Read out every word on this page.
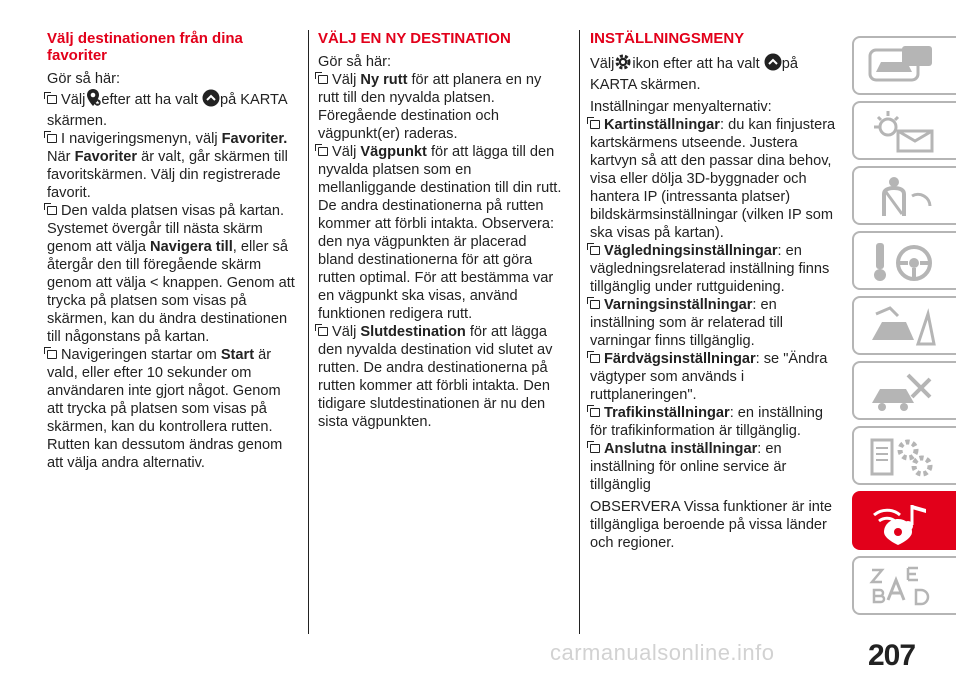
Välj destinationen från dina favoriter

Gör så här:

Välj efter att ha valt på KARTA skärmen.

I navigeringsmenyn, välj Favoriter. När Favoriter är valt, går skärmen till favoritskärmen. Välj din registrerade favorit.

Den valda platsen visas på kartan. Systemet övergår till nästa skärm genom att välja Navigera till, eller så återgår den till föregående skärm genom att välja < knappen. Genom att trycka på platsen som visas på skärmen, kan du ändra destinationen till någonstans på kartan.

Navigeringen startar om Start är vald, eller efter 10 sekunder om användaren inte gjort något. Genom att trycka på platsen som visas på skärmen, kan du kontrollera rutten. Rutten kan dessutom ändras genom att välja andra alternativ.

VÄLJ EN NY DESTINATION

Gör så här:

Välj Ny rutt för att planera en ny rutt till den nyvalda platsen. Föregående destination och vägpunkt(er) raderas.

Välj Vägpunkt för att lägga till den nyvalda platsen som en mellanliggande destination till din rutt. De andra destinationerna på rutten kommer att förbli intakta. Observera: den nya vägpunkten är placerad bland destinationerna för att göra rutten optimal. För att bestämma var en vägpunkt ska visas, använd funktionen redigera rutt.

Välj Slutdestination för att lägga den nyvalda destination vid slutet av rutten. De andra destinationerna på rutten kommer att förbli intakta. Den tidigare slutdestinationen är nu den sista vägpunkten.

INSTÄLLNINGSMENY

Välj ikon efter att ha valt på KARTA skärmen.

Inställningar menyalternativ:

Kartinställningar: du kan finjustera kartskärmens utseende. Justera kartvyn så att den passar dina behov, visa eller dölja 3D-byggnader och hantera IP (intressanta platser) bildskärmsinställningar (vilken IP som ska visas på kartan).

Vägledningsinställningar: en vägledningsrelaterad inställning finns tillgänglig under ruttguidening.

Varningsinställningar: en inställning som är relaterad till varningar finns tillgänglig.

Färdvägsinställningar: se "Ändra vägtyper som används i ruttplaneringen".

Trafikinställningar: en inställning för trafikinformation är tillgänglig.

Anslutna inställningar: en inställning för online service är tillgänglig

OBSERVERA Vissa funktioner är inte tillgängliga beroende på vissa länder och regioner.

carmanualsonline.info	207
